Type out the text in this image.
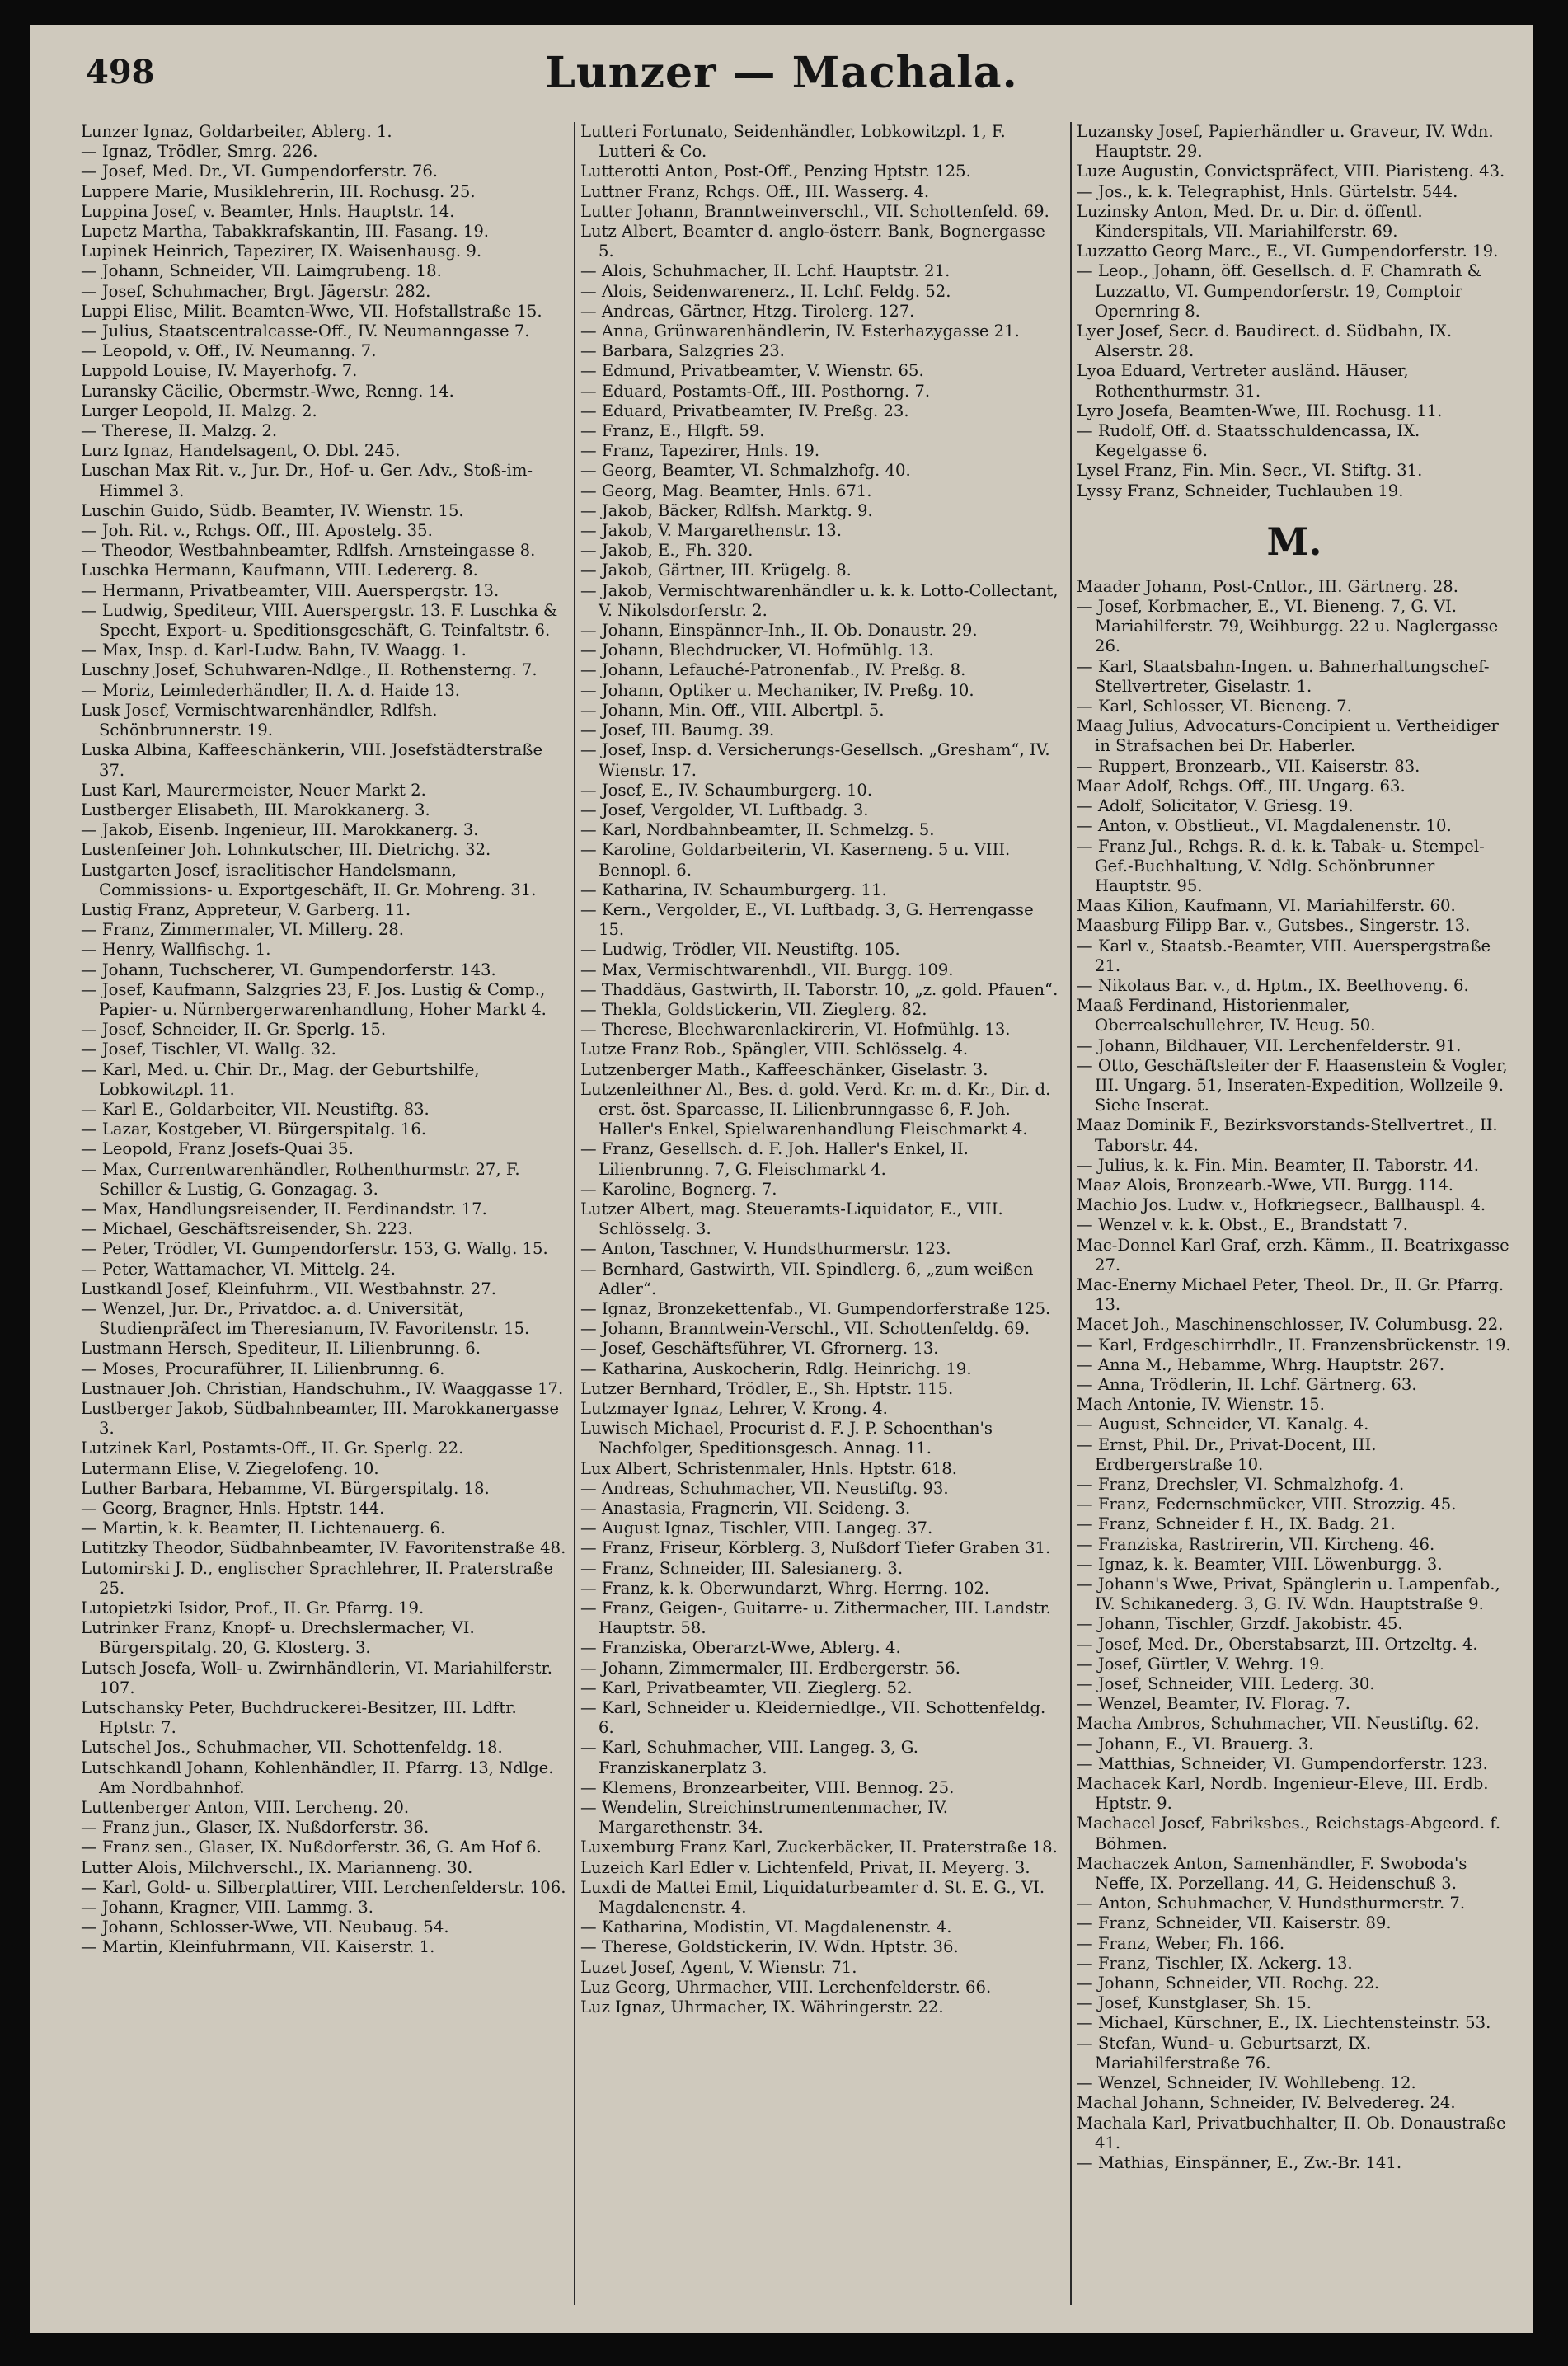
498	Lunzer — Machala.

Lunzer Ignaz, Goldarbeiter, Ablerg. 1.

— Ignaz, Trödler, Smrg. 226.

— Josef, Med. Dr., VI. Gumpendorferstr. 76.

Luppere Marie, Musiklehrerin, III. Rochusg. 25.

Luppina Josef, v. Beamter, Hnls. Hauptstr. 14.

Lupetz Martha, Tabakkrafskantin, III. Fasang. 19.

Lupinek Heinrich, Tapezirer, IX. Waisenhausg. 9.

— Johann, Schneider, VII. Laimgrubeng. 18.

— Josef, Schuhmacher, Brgt. Jägerstr. 282.

Luppi Elise, Milit. Beamten-Wwe, VII. Hofstallstraße 15.

— Julius, Staatscentralcasse-Off., IV. Neumanngasse 7.

— Leopold, v. Off., IV. Neumanng. 7.

Luppold Louise, IV. Mayerhofg. 7.

Luransky Cäcilie, Obermstr.-Wwe, Renng. 14.

Lurger Leopold, II. Malzg. 2.

— Therese, II. Malzg. 2.

Lurz Ignaz, Handelsagent, O. Dbl. 245.

Luschan Max Rit. v., Jur. Dr., Hof- u. Ger. Adv., Stoß-im-Himmel 3.

Luschin Guido, Südb. Beamter, IV. Wienstr. 15.

— Joh. Rit. v., Rchgs. Off., III. Apostelg. 35.

— Theodor, Westbahnbeamter, Rdlfsh. Arnsteingasse 8.

Luschka Hermann, Kaufmann, VIII. Ledererg. 8.

— Hermann, Privatbeamter, VIII. Auerspergstr. 13.

— Ludwig, Spediteur, VIII. Auerspergstr. 13. F. Luschka & Specht, Export- u. Speditionsgeschäft, G. Teinfaltstr. 6.

— Max, Insp. d. Karl-Ludw. Bahn, IV. Waagg. 1.

Luschny Josef, Schuhwaren-Ndlge., II. Rothensterng. 7.

— Moriz, Leimlederhändler, II. A. d. Haide 13.

Lusk Josef, Vermischtwarenhändler, Rdlfsh. Schönbrunnerstr. 19.

Luska Albina, Kaffeeschänkerin, VIII. Josefstädterstraße 37.

Lust Karl, Maurermeister, Neuer Markt 2.

Lustberger Elisabeth, III. Marokkanerg. 3.

— Jakob, Eisenb. Ingenieur, III. Marokkanerg. 3.

Lustenfeiner Joh. Lohnkutscher, III. Dietrichg. 32.

Lustgarten Josef, israelitischer Handelsmann, Commissions- u. Exportgeschäft, II. Gr. Mohreng. 31.

Lustig Franz, Appreteur, V. Garberg. 11.

— Franz, Zimmermaler, VI. Millerg. 28.

— Henry, Wallfischg. 1.

— Johann, Tuchscherer, VI. Gumpendorferstr. 143.

— Josef, Kaufmann, Salzgries 23, F. Jos. Lustig & Comp., Papier- u. Nürnbergerwarenhandlung, Hoher Markt 4.

— Josef, Schneider, II. Gr. Sperlg. 15.

— Josef, Tischler, VI. Wallg. 32.

— Karl, Med. u. Chir. Dr., Mag. der Geburtshilfe, Lobkowitzpl. 11.

— Karl E., Goldarbeiter, VII. Neustiftg. 83.

— Lazar, Kostgeber, VI. Bürgerspitalg. 16.

— Leopold, Franz Josefs-Quai 35.

— Max, Currentwarenhändler, Rothenthurmstr. 27, F. Schiller & Lustig, G. Gonzagag. 3.

— Max, Handlungsreisender, II. Ferdinandstr. 17.

— Michael, Geschäftsreisender, Sh. 223.

— Peter, Trödler, VI. Gumpendorferstr. 153, G. Wallg. 15.

— Peter, Wattamacher, VI. Mittelg. 24.

Lustkandl Josef, Kleinfuhrm., VII. Westbahnstr. 27.

— Wenzel, Jur. Dr., Privatdoc. a. d. Universität, Studienpräfect im Theresianum, IV. Favoritenstr. 15.

Lustmann Hersch, Spediteur, II. Lilienbrunng. 6.

— Moses, Procuraführer, II. Lilienbrunng. 6.

Lustnauer Joh. Christian, Handschuhm., IV. Waaggasse 17.

Lustberger Jakob, Südbahnbeamter, III. Marokkanergasse 3.

Lutzinek Karl, Postamts-Off., II. Gr. Sperlg. 22.

Lutermann Elise, V. Ziegelofeng. 10.

Luther Barbara, Hebamme, VI. Bürgerspitalg. 18.

— Georg, Bragner, Hnls. Hptstr. 144.

— Martin, k. k. Beamter, II. Lichtenauerg. 6.

Lutitzky Theodor, Südbahnbeamter, IV. Favoritenstraße 48.

Lutomirski J. D., englischer Sprachlehrer, II. Praterstraße 25.

Lutopietzki Isidor, Prof., II. Gr. Pfarrg. 19.

Lutrinker Franz, Knopf- u. Drechslermacher, VI. Bürgerspitalg. 20, G. Klosterg. 3.

Lutsch Josefa, Woll- u. Zwirnhändlerin, VI. Mariahilferstr. 107.

Lutschansky Peter, Buchdruckerei-Besitzer, III. Ldftr. Hptstr. 7.

Lutschel Jos., Schuhmacher, VII. Schottenfeldg. 18.

Lutschkandl Johann, Kohlenhändler, II. Pfarrg. 13, Ndlge. Am Nordbahnhof.

Luttenberger Anton, VIII. Lercheng. 20.

— Franz jun., Glaser, IX. Nußdorferstr. 36.

— Franz sen., Glaser, IX. Nußdorferstr. 36, G. Am Hof 6.

Lutter Alois, Milchverschl., IX. Marianneng. 30.

— Karl, Gold- u. Silberplattirer, VIII. Lerchenfelderstr. 106.

— Johann, Kragner, VIII. Lammg. 3.

— Johann, Schlosser-Wwe, VII. Neubaug. 54.

— Martin, Kleinfuhrmann, VII. Kaiserstr. 1.

Lutteri Fortunato, Seidenhändler, Lobkowitzpl. 1, F. Lutteri & Co.

Lutterotti Anton, Post-Off., Penzing Hptstr. 125.

Luttner Franz, Rchgs. Off., III. Wasserg. 4.

Lutter Johann, Branntweinverschl., VII. Schottenfeld. 69.

Lutz Albert, Beamter d. anglo-österr. Bank, Bognergasse 5.

— Alois, Schuhmacher, II. Lchf. Hauptstr. 21.

— Alois, Seidenwarenerz., II. Lchf. Feldg. 52.

— Andreas, Gärtner, Htzg. Tirolerg. 127.

— Anna, Grünwarenhändlerin, IV. Esterhazygasse 21.

— Barbara, Salzgries 23.

— Edmund, Privatbeamter, V. Wienstr. 65.

— Eduard, Postamts-Off., III. Posthorng. 7.

— Eduard, Privatbeamter, IV. Preßg. 23.

— Franz, E., Hlgft. 59.

— Franz, Tapezirer, Hnls. 19.

— Georg, Beamter, VI. Schmalzhofg. 40.

— Georg, Mag. Beamter, Hnls. 671.

— Jakob, Bäcker, Rdlfsh. Marktg. 9.

— Jakob, V. Margarethenstr. 13.

— Jakob, E., Fh. 320.

— Jakob, Gärtner, III. Krügelg. 8.

— Jakob, Vermischtwarenhändler u. k. k. Lotto-Collectant, V. Nikolsdorferstr. 2.

— Johann, Einspänner-Inh., II. Ob. Donaustr. 29.

— Johann, Blechdrucker, VI. Hofmühlg. 13.

— Johann, Lefauché-Patronenfab., IV. Preßg. 8.

— Johann, Optiker u. Mechaniker, IV. Preßg. 10.

— Johann, Min. Off., VIII. Albertpl. 5.

— Josef, III. Baumg. 39.

— Josef, Insp. d. Versicherungs-Gesellsch. „Gresham“, IV. Wienstr. 17.

— Josef, E., IV. Schaumburgerg. 10.

— Josef, Vergolder, VI. Luftbadg. 3.

— Karl, Nordbahnbeamter, II. Schmelzg. 5.

— Karoline, Goldarbeiterin, VI. Kaserneng. 5 u. VIII. Bennopl. 6.

— Katharina, IV. Schaumburgerg. 11.

— Kern., Vergolder, E., VI. Luftbadg. 3, G. Herrengasse 15.

— Ludwig, Trödler, VII. Neustiftg. 105.

— Max, Vermischtwarenhdl., VII. Burgg. 109.

— Thaddäus, Gastwirth, II. Taborstr. 10, „z. gold. Pfauen“.

— Thekla, Goldstickerin, VII. Zieglerg. 82.

— Therese, Blechwarenlackirerin, VI. Hofmühlg. 13.

Lutze Franz Rob., Spängler, VIII. Schlösselg. 4.

Lutzenberger Math., Kaffeeschänker, Giselastr. 3.

Lutzenleithner Al., Bes. d. gold. Verd. Kr. m. d. Kr., Dir. d. erst. öst. Sparcasse, II. Lilienbrunngasse 6, F. Joh. Haller's Enkel, Spielwarenhandlung Fleischmarkt 4.

— Franz, Gesellsch. d. F. Joh. Haller's Enkel, II. Lilienbrunng. 7, G. Fleischmarkt 4.

— Karoline, Bognerg. 7.

Lutzer Albert, mag. Steueramts-Liquidator, E., VIII. Schlösselg. 3.

— Anton, Taschner, V. Hundsthurmerstr. 123.

— Bernhard, Gastwirth, VII. Spindlerg. 6, „zum weißen Adler“.

— Ignaz, Bronzekettenfab., VI. Gumpendorferstraße 125.

— Johann, Branntwein-Verschl., VII. Schottenfeldg. 69.

— Josef, Geschäftsführer, VI. Gfrornerg. 13.

— Katharina, Auskocherin, Rdlg. Heinrichg. 19.

Lutzer Bernhard, Trödler, E., Sh. Hptstr. 115.

Lutzmayer Ignaz, Lehrer, V. Krong. 4.

Luwisch Michael, Procurist d. F. J. P. Schoenthan's Nachfolger, Speditionsgesch. Annag. 11.

Lux Albert, Schristenmaler, Hnls. Hptstr. 618.

— Andreas, Schuhmacher, VII. Neustiftg. 93.

— Anastasia, Fragnerin, VII. Seideng. 3.

— August Ignaz, Tischler, VIII. Langeg. 37.

— Franz, Friseur, Körblerg. 3, Nußdorf Tiefer Graben 31.

— Franz, Schneider, III. Salesianerg. 3.

— Franz, k. k. Oberwundarzt, Whrg. Herrng. 102.

— Franz, Geigen-, Guitarre- u. Zithermacher, III. Landstr. Hauptstr. 58.

— Franziska, Oberarzt-Wwe, Ablerg. 4.

— Johann, Zimmermaler, III. Erdbergerstr. 56.

— Karl, Privatbeamter, VII. Zieglerg. 52.

— Karl, Schneider u. Kleiderniedlge., VII. Schottenfeldg. 6.

— Karl, Schuhmacher, VIII. Langeg. 3, G. Franziskanerplatz 3.

— Klemens, Bronzearbeiter, VIII. Bennog. 25.

— Wendelin, Streichinstrumentenmacher, IV. Margarethenstr. 34.

Luxemburg Franz Karl, Zuckerbäcker, II. Praterstraße 18.

Luzeich Karl Edler v. Lichtenfeld, Privat, II. Meyerg. 3.

Luxdi de Mattei Emil, Liquidaturbeamter d. St. E. G., VI. Magdalenenstr. 4.

— Katharina, Modistin, VI. Magdalenenstr. 4.

— Therese, Goldstickerin, IV. Wdn. Hptstr. 36.

Luzet Josef, Agent, V. Wienstr. 71.

Luz Georg, Uhrmacher, VIII. Lerchenfelderstr. 66.

Luz Ignaz, Uhrmacher, IX. Währingerstr. 22.

Luzansky Josef, Papierhändler u. Graveur, IV. Wdn. Hauptstr. 29.

Luze Augustin, Convictspräfect, VIII. Piaristeng. 43.

— Jos., k. k. Telegraphist, Hnls. Gürtelstr. 544.

Luzinsky Anton, Med. Dr. u. Dir. d. öffentl. Kinderspitals, VII. Mariahilferstr. 69.

Luzzatto Georg Marc., E., VI. Gumpendorferstr. 19.

— Leop., Johann, öff. Gesellsch. d. F. Chamrath & Luzzatto, VI. Gumpendorferstr. 19, Comptoir Opernring 8.

Lyer Josef, Secr. d. Baudirect. d. Südbahn, IX. Alserstr. 28.

Lyoa Eduard, Vertreter ausländ. Häuser, Rothenthurmstr. 31.

Lyro Josefa, Beamten-Wwe, III. Rochusg. 11.

— Rudolf, Off. d. Staatsschuldencassa, IX. Kegelgasse 6.

Lysel Franz, Fin. Min. Secr., VI. Stiftg. 31.

Lyssy Franz, Schneider, Tuchlauben 19.

M.

Maader Johann, Post-Cntlor., III. Gärtnerg. 28.

— Josef, Korbmacher, E., VI. Bieneng. 7, G. VI. Mariahilferstr. 79, Weihburgg. 22 u. Naglergasse 26.

— Karl, Staatsbahn-Ingen. u. Bahnerhaltungschef-Stellvertreter, Giselastr. 1.

— Karl, Schlosser, VI. Bieneng. 7.

Maag Julius, Advocaturs-Concipient u. Vertheidiger in Strafsachen bei Dr. Haberler.

— Ruppert, Bronzearb., VII. Kaiserstr. 83.

Maar Adolf, Rchgs. Off., III. Ungarg. 63.

— Adolf, Solicitator, V. Griesg. 19.

— Anton, v. Obstlieut., VI. Magdalenenstr. 10.

— Franz Jul., Rchgs. R. d. k. k. Tabak- u. Stempel-Gef.-Buchhaltung, V. Ndlg. Schönbrunner Hauptstr. 95.

Maas Kilion, Kaufmann, VI. Mariahilferstr. 60.

Maasburg Filipp Bar. v., Gutsbes., Singerstr. 13.

— Karl v., Staatsb.-Beamter, VIII. Auerspergstraße 21.

— Nikolaus Bar. v., d. Hptm., IX. Beethoveng. 6.

Maaß Ferdinand, Historienmaler, Oberrealschullehrer, IV. Heug. 50.

— Johann, Bildhauer, VII. Lerchenfelderstr. 91.

— Otto, Geschäftsleiter der F. Haasenstein & Vogler, III. Ungarg. 51, Inseraten-Expedition, Wollzeile 9. Siehe Inserat.

Maaz Dominik F., Bezirksvorstands-Stellvertret., II. Taborstr. 44.

— Julius, k. k. Fin. Min. Beamter, II. Taborstr. 44.

Maaz Alois, Bronzearb.-Wwe, VII. Burgg. 114.

Machio Jos. Ludw. v., Hofkriegsecr., Ballhauspl. 4.

— Wenzel v. k. k. Obst., E., Brandstatt 7.

Mac-Donnel Karl Graf, erzh. Kämm., II. Beatrixgasse 27.

Mac-Enerny Michael Peter, Theol. Dr., II. Gr. Pfarrg. 13.

Macet Joh., Maschinenschlosser, IV. Columbusg. 22.

— Karl, Erdgeschirrhdlr., II. Franzensbrückenstr. 19.

— Anna M., Hebamme, Whrg. Hauptstr. 267.

— Anna, Trödlerin, II. Lchf. Gärtnerg. 63.

Mach Antonie, IV. Wienstr. 15.

— August, Schneider, VI. Kanalg. 4.

— Ernst, Phil. Dr., Privat-Docent, III. Erdbergerstraße 10.

— Franz, Drechsler, VI. Schmalzhofg. 4.

— Franz, Federnschmücker, VIII. Strozzig. 45.

— Franz, Schneider f. H., IX. Badg. 21.

— Franziska, Rastrirerin, VII. Kircheng. 46.

— Ignaz, k. k. Beamter, VIII. Löwenburgg. 3.

— Johann's Wwe, Privat, Spänglerin u. Lampenfab., IV. Schikanederg. 3, G. IV. Wdn. Hauptstraße 9.

— Johann, Tischler, Grzdf. Jakobistr. 45.

— Josef, Med. Dr., Oberstabsarzt, III. Ortzeltg. 4.

— Josef, Gürtler, V. Wehrg. 19.

— Josef, Schneider, VIII. Lederg. 30.

— Wenzel, Beamter, IV. Florag. 7.

Macha Ambros, Schuhmacher, VII. Neustiftg. 62.

— Johann, E., VI. Brauerg. 3.

— Matthias, Schneider, VI. Gumpendorferstr. 123.

Machacek Karl, Nordb. Ingenieur-Eleve, III. Erdb. Hptstr. 9.

Machacel Josef, Fabriksbes., Reichstags-Abgeord. f. Böhmen.

Machaczek Anton, Samenhändler, F. Swoboda's Neffe, IX. Porzellang. 44, G. Heidenschuß 3.

— Anton, Schuhmacher, V. Hundsthurmerstr. 7.

— Franz, Schneider, VII. Kaiserstr. 89.

— Franz, Weber, Fh. 166.

— Franz, Tischler, IX. Ackerg. 13.

— Johann, Schneider, VII. Rochg. 22.

— Josef, Kunstglaser, Sh. 15.

— Michael, Kürschner, E., IX. Liechtensteinstr. 53.

— Stefan, Wund- u. Geburtsarzt, IX. Mariahilferstraße 76.

— Wenzel, Schneider, IV. Wohllebeng. 12.

Machal Johann, Schneider, IV. Belvedereg. 24.

Machala Karl, Privatbuchhalter, II. Ob. Donaustraße 41.

— Mathias, Einspänner, E., Zw.-Br. 141.
